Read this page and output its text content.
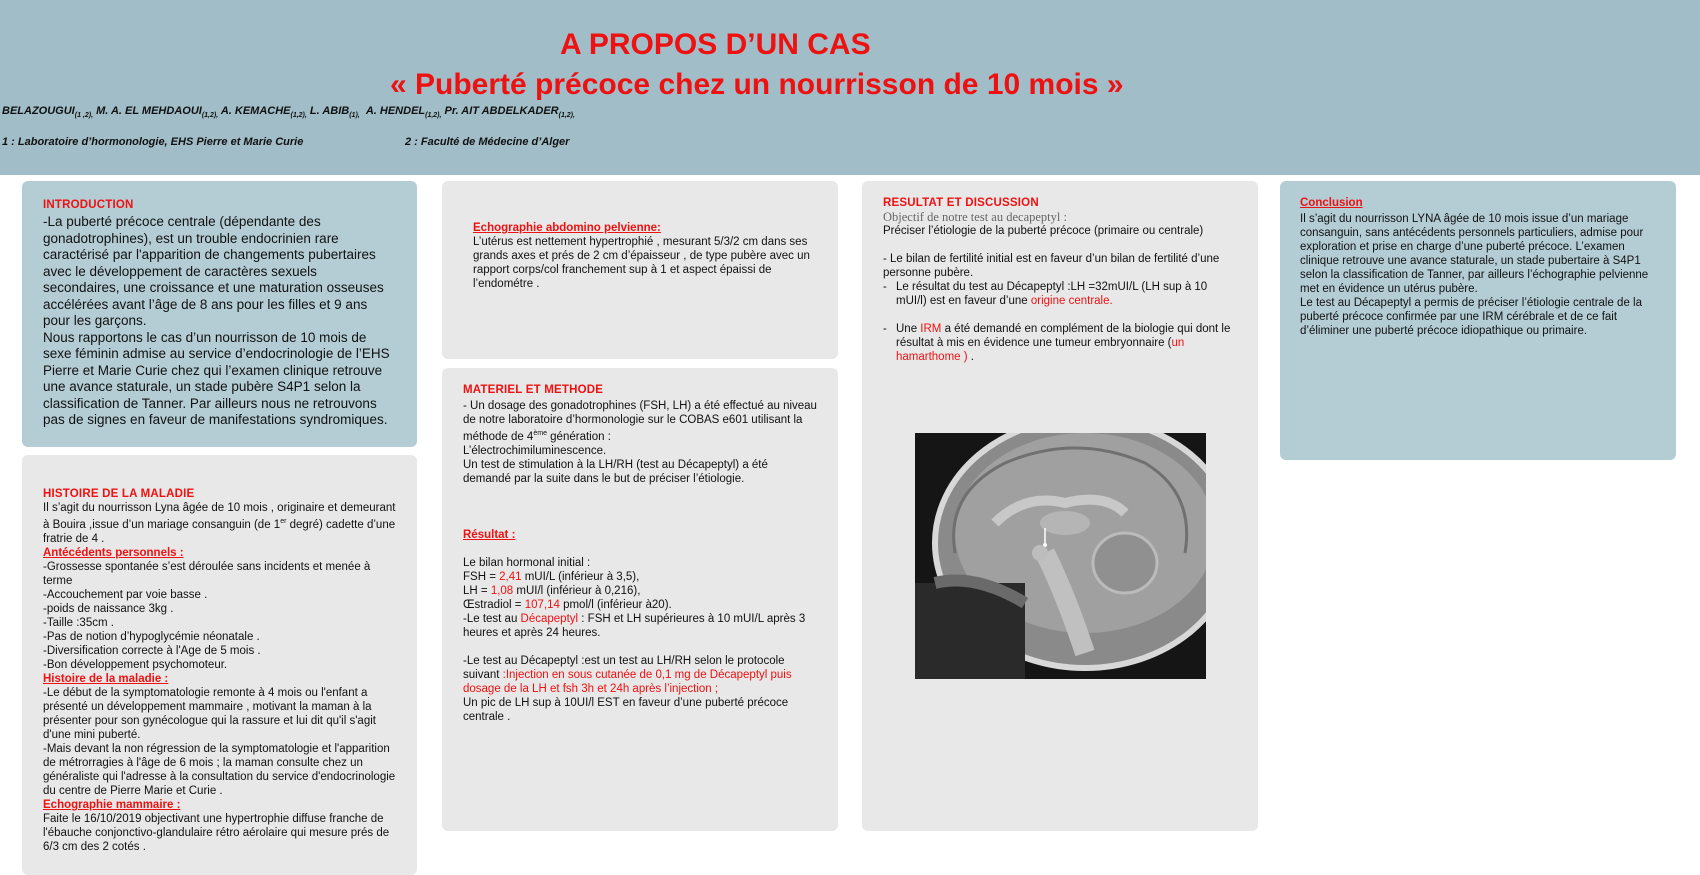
A PROPOS D’UN CAS
« Puberté précoce chez un nourrisson de 10 mois »
$BELAZOUGUI_{(1 ,2),}$ M. A. EL $MEHDAOUI_{(1,2),}$ A. $KEMACHE_{(1,2),}$ L. $ABIB_{(1),}$ A. $HENDEL_{(1,2),}$ Pr. AIT $ABDELKADER_{(1,2),}$
1 : Laboratoire d’hormonologie, EHS Pierre et Marie Curie	2 : Faculté de Médecine d’Alger
INTRODUCTION

-La puberté précoce centrale (dépendante des gonadotrophines), est un trouble endocrinien rare caractérisé par l'apparition de changements pubertaires avec le développement de caractères sexuels secondaires, une croissance et une maturation osseuses accélérées avant l’âge de 8 ans pour les filles et 9 ans pour les garçons.

Nous rapportons le cas d’un nourrisson de 10 mois de sexe féminin admise au service d’endocrinologie de l’EHS Pierre et Marie Curie chez qui l’examen clinique retrouve une avance staturale, un stade pubère S4P1 selon la classification de Tanner. Par ailleurs nous ne retrouvons pas de signes en faveur de manifestations syndromiques.

HISTOIRE DE LA MALADIE

Il s’agit du nourrisson Lyna âgée de 10 mois , originaire et demeurant à Bouira ,issue d’un mariage consanguin (de 1er degré) cadette d’une fratrie de 4 .

Antécédents personnels :

-Grossesse spontanée s’est déroulée sans incidents et menée à terme

-Accouchement par voie basse .

-poids de naissance 3kg .

-Taille :35cm .

-Pas de notion d’hypoglycémie néonatale .

-Diversification correcte à l'Age de 5 mois .

-Bon développement psychomoteur.

Histoire de la maladie :

-Le début de la symptomatologie remonte à 4 mois ou l'enfant a présenté un développement mammaire , motivant la maman à la présenter pour son gynécologue qui la rassure et lui dit qu'il s'agit d'une mini puberté.

-Mais devant la non régression de la symptomatologie et l'apparition de métrorragies à l'âge de 6 mois ; la maman consulte chez un généraliste qui l'adresse à la consultation du service d'endocrinologie du centre de Pierre Marie et Curie .

Echographie mammaire :

Faite le 16/10/2019 objectivant une hypertrophie diffuse franche de l'ébauche conjonctivo-glandulaire rétro aérolaire qui mesure prés de 6/3 cm des 2 cotés .

Echographie abdomino pelvienne:

L’utérus est nettement hypertrophié , mesurant 5/3/2 cm dans ses grands axes et prés de 2 cm d’épaisseur , de type pubère avec un rapport corps/col franchement sup à 1 et aspect épaissi de l’endométre .

MATERIEL ET METHODE

- Un dosage des gonadotrophines (FSH, LH) a été effectué au niveau de notre laboratoire d’hormonologie sur le COBAS e601 utilisant la méthode de 4ème génération :

L’électrochimiluminescence.

Un test de stimulation à la LH/RH (test au Décapeptyl) a été demandé par la suite dans le but de préciser l’étiologie.

Résultat :

Le bilan hormonal initial :

FSH = 2,41 mUI/L (inférieur à 3,5),

LH = 1,08 mUI/l (inférieur à 0,216),

Œstradiol = 107,14 pmol/l (inférieur à20).

-Le test au Décapeptyl : FSH et LH supérieures à 10 mUI/L après 3 heures et après 24 heures.

-Le test au Décapeptyl :est un test au LH/RH selon le protocole suivant :Injection en sous cutanée de 0,1 mg de Décapeptyl puis dosage de la LH et fsh 3h et 24h après l’injection ;

Un pic de LH sup à 10UI/l EST en faveur d’une puberté précoce centrale .

RESULTAT ET DISCUSSION
Objectif de notre test au decapeptyl :

Préciser l’étiologie de la puberté précoce (primaire ou centrale)

- Le bilan de fertilité initial est en faveur d’un bilan de fertilité d’une personne pubère.

- Le résultat du test au Décapeptyl :LH =32mUI/L (LH sup à 10 mUI/l) est en faveur d’une origine centrale.

- Une IRM a été demandé en complément de la biologie qui dont le résultat à mis en évidence une tumeur embryonnaire (un hamarthome ) .

Conclusion

Il s’agit du nourrisson LYNA âgée de 10 mois issue d’un mariage consanguin, sans antécédents personnels particuliers, admise pour exploration et prise en charge d’une puberté précoce. L’examen clinique retrouve une avance staturale, un stade pubertaire à S4P1 selon la classification de Tanner, par ailleurs l’échographie pelvienne met en évidence un utérus pubère.

Le test au Décapeptyl a permis de préciser l’étiologie centrale de la puberté précoce confirmée par une IRM cérébrale et de ce fait d’éliminer une puberté précoce idiopathique ou primaire.
